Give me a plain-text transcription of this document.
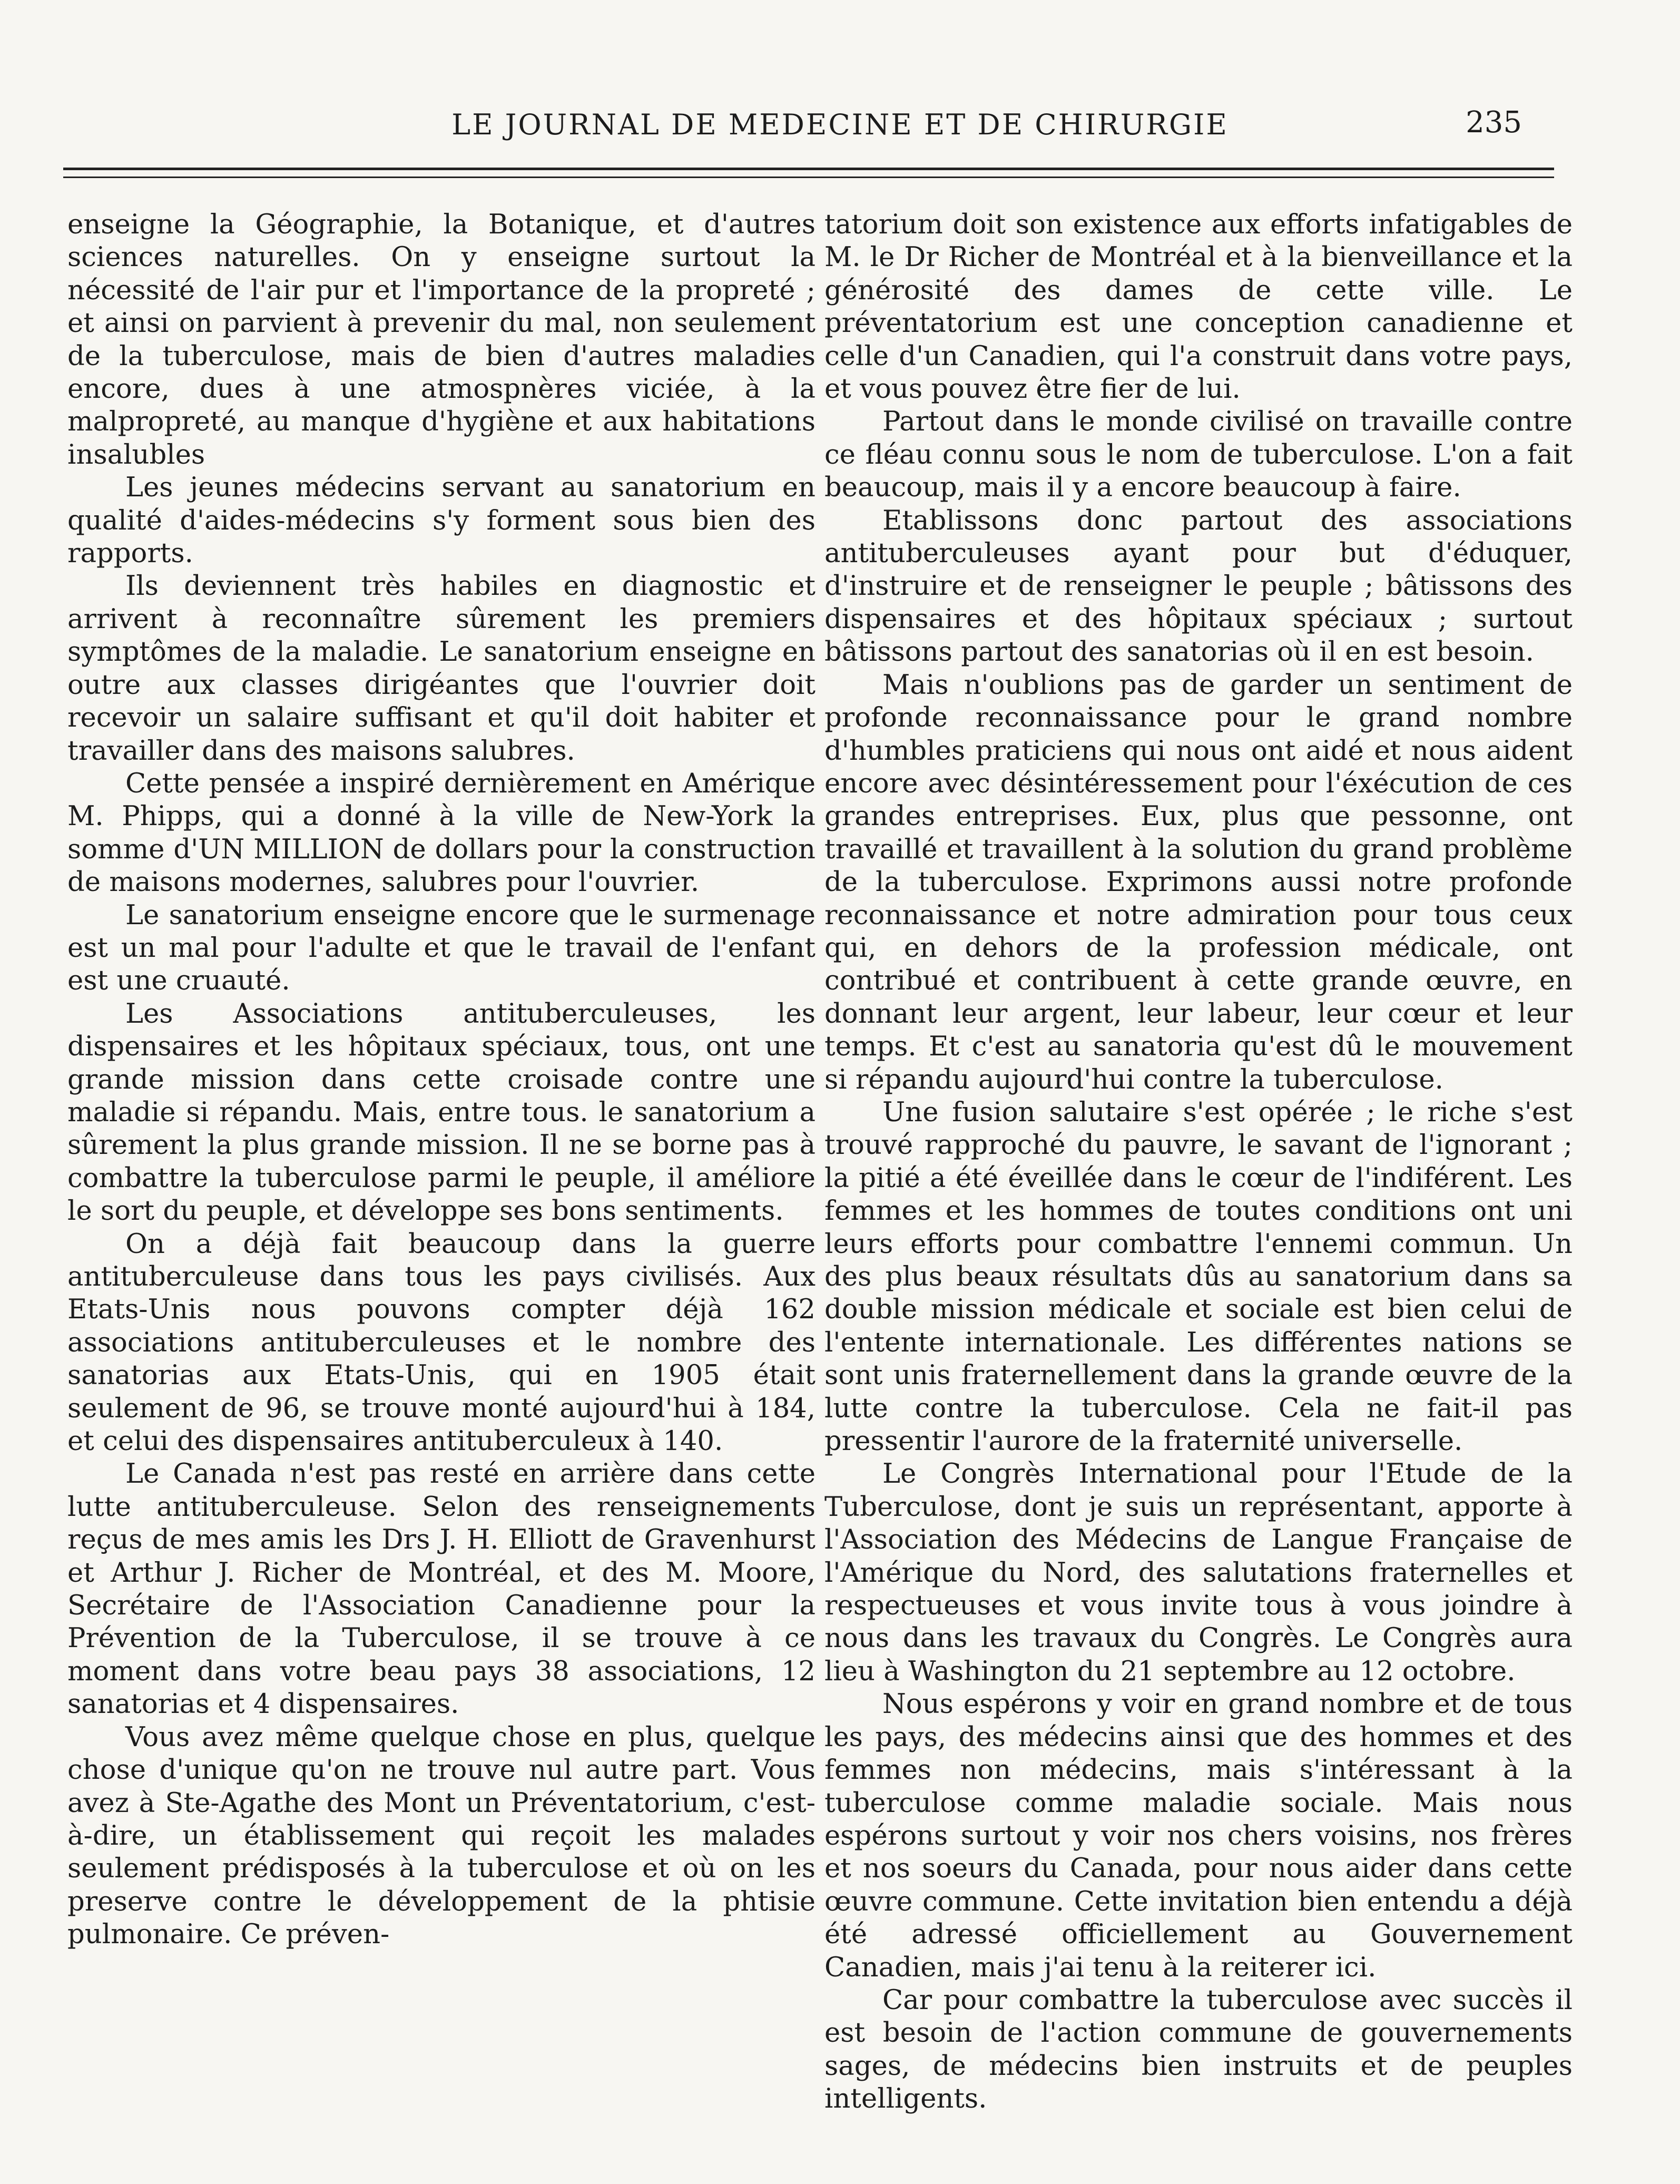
LE JOURNAL DE MEDECINE ET DE CHIRURGIE	235

enseigne la Géographie, la Botanique, et d'autres sciences naturelles. On y enseigne surtout la nécessité de l'air pur et l'importance de la propreté ; et ainsi on parvient à prevenir du mal, non seulement de la tuberculose, mais de bien d'autres maladies encore, dues à une atmospnères viciée, à la malpropreté, au manque d'hygiène et aux habitations insalubles

Les jeunes médecins servant au sanatorium en qualité d'aides-médecins s'y forment sous bien des rapports.

Ils deviennent très habiles en diagnostic et arrivent à reconnaître sûrement les premiers symptômes de la maladie. Le sanatorium enseigne en outre aux classes dirigéantes que l'ouvrier doit recevoir un salaire suffisant et qu'il doit habiter et travailler dans des maisons salubres.

Cette pensée a inspiré dernièrement en Amérique M. Phipps, qui a donné à la ville de New-York la somme d'UN MILLION de dollars pour la construction de maisons modernes, salubres pour l'ouvrier.

Le sanatorium enseigne encore que le surmenage est un mal pour l'adulte et que le travail de l'enfant est une cruauté.

Les Associations antituberculeuses, les dispensaires et les hôpitaux spéciaux, tous, ont une grande mission dans cette croisade contre une maladie si répandu. Mais, entre tous. le sanatorium a sûrement la plus grande mission. Il ne se borne pas à combattre la tuberculose parmi le peuple, il améliore le sort du peuple, et développe ses bons sentiments.

On a déjà fait beaucoup dans la guerre antituberculeuse dans tous les pays civilisés. Aux Etats-Unis nous pouvons compter déjà 162 associations antituberculeuses et le nombre des sanatorias aux Etats-Unis, qui en 1905 était seulement de 96, se trouve monté aujourd'hui à 184, et celui des dispensaires antituberculeux à 140.

Le Canada n'est pas resté en arrière dans cette lutte antituberculeuse. Selon des renseignements reçus de mes amis les Drs J. H. Elliott de Gravenhurst et Arthur J. Richer de Montréal, et des M. Moore, Secrétaire de l'Association Canadienne pour la Prévention de la Tuberculose, il se trouve à ce moment dans votre beau pays 38 associations, 12 sanatorias et 4 dispensaires.

Vous avez même quelque chose en plus, quelque chose d'unique qu'on ne trouve nul autre part. Vous avez à Ste-Agathe des Mont un Préventatorium, c'est-à-dire, un établissement qui reçoit les malades seulement prédisposés à la tuberculose et où on les preserve contre le développement de la phtisie pulmonaire. Ce préven-

tatorium doit son existence aux efforts infatigables de M. le Dr Richer de Montréal et à la bienveillance et la générosité des dames de cette ville. Le préventatorium est une conception canadienne et celle d'un Canadien, qui l'a construit dans votre pays, et vous pouvez être fier de lui.

Partout dans le monde civilisé on travaille contre ce fléau connu sous le nom de tuberculose. L'on a fait beaucoup, mais il y a encore beaucoup à faire.

Etablissons donc partout des associations antituberculeuses ayant pour but d'éduquer, d'instruire et de renseigner le peuple ; bâtissons des dispensaires et des hôpitaux spéciaux ; surtout bâtissons partout des sanatorias où il en est besoin.

Mais n'oublions pas de garder un sentiment de profonde reconnaissance pour le grand nombre d'humbles praticiens qui nous ont aidé et nous aident encore avec désintéressement pour l'éxécution de ces grandes entreprises. Eux, plus que pessonne, ont travaillé et travaillent à la solution du grand problème de la tuberculose. Exprimons aussi notre profonde reconnaissance et notre admiration pour tous ceux qui, en dehors de la profession médicale, ont contribué et contribuent à cette grande œuvre, en donnant leur argent, leur labeur, leur cœur et leur temps. Et c'est au sanatoria qu'est dû le mouvement si répandu aujourd'hui contre la tuberculose.

Une fusion salutaire s'est opérée ; le riche s'est trouvé rapproché du pauvre, le savant de l'ignorant ; la pitié a été éveillée dans le cœur de l'indiférent. Les femmes et les hommes de toutes conditions ont uni leurs efforts pour combattre l'ennemi commun. Un des plus beaux résultats dûs au sanatorium dans sa double mission médicale et sociale est bien celui de l'entente internationale. Les différentes nations se sont unis fraternellement dans la grande œuvre de la lutte contre la tuberculose. Cela ne fait-il pas pressentir l'aurore de la fraternité universelle.

Le Congrès International pour l'Etude de la Tuberculose, dont je suis un représentant, apporte à l'Association des Médecins de Langue Française de l'Amérique du Nord, des salutations fraternelles et respectueuses et vous invite tous à vous joindre à nous dans les travaux du Congrès. Le Congrès aura lieu à Washington du 21 septembre au 12 octobre.

Nous espérons y voir en grand nombre et de tous les pays, des médecins ainsi que des hommes et des femmes non médecins, mais s'intéressant à la tuberculose comme maladie sociale. Mais nous espérons surtout y voir nos chers voisins, nos frères et nos soeurs du Canada, pour nous aider dans cette œuvre commune. Cette invitation bien entendu a déjà été adressé officiellement au Gouvernement Canadien, mais j'ai tenu à la reiterer ici.

Car pour combattre la tuberculose avec succès il est besoin de l'action commune de gouvernements sages, de médecins bien instruits et de peuples intelligents.
